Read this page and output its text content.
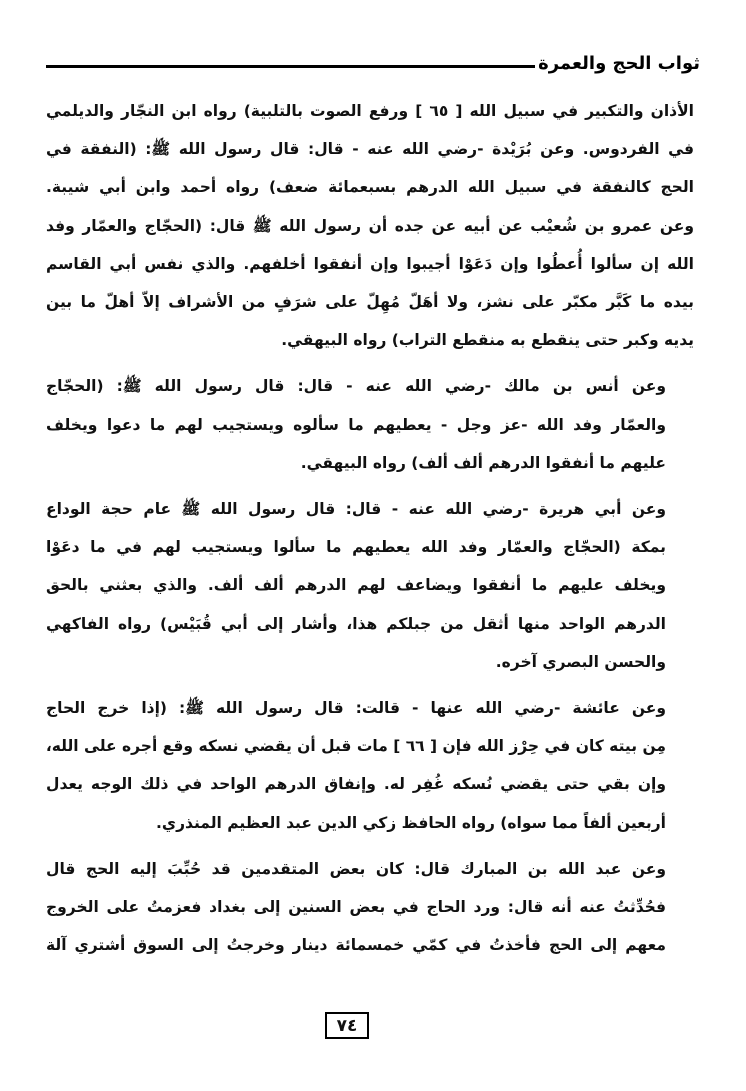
ثواب الحج والعمرة
الأذان والتكبير في سبيل الله [ ٦٥ ] ورفع الصوت بالتلبية) رواه ابن النجّار والديلمي
في الفردوس. وعن بُرَيْدة -رضي الله عنه - قال: قال رسول الله ﷺ: (النفقة في
الحج كالنفقة في سبيل الله الدرهم بسبعمائة ضعف) رواه أحمد وابن أبي شيبة.
وعن عمرو بن شُعيْب عن أبيه عن جده أن رسول الله ﷺ قال: (الحجّاج والعمّار وفد
الله إن سألوا أُعطُوا وإن دَعَوْا أجيبوا وإن أنفقوا أخلفهم. والذي نفس أبي القاسم
بيده ما كَبَّر مكبّر على نشز، ولا أهَلّ مُهِلّ على شرَفٍ من الأشراف إلاّ أهلّ ما بين
يديه وكبر حتى ينقطع به منقطع التراب) رواه البيهقي.
وعن أنس بن مالك -رضي الله عنه - قال: قال رسول الله ﷺ: (الحجّاج
والعمّار وفد الله -عز وجل - يعطيهم ما سألوه ويستجيب لهم ما دعوا ويخلف
عليهم ما أنفقوا الدرهم ألف ألف) رواه البيهقي.
وعن أبي هريرة -رضي الله عنه - قال: قال رسول الله ﷺ عام حجة الوداع
بمكة (الحجّاج والعمّار وفد الله يعطيهم ما سألوا ويستجيب لهم في ما دعَوْا
ويخلف عليهم ما أنفقوا ويضاعف لهم الدرهم ألف ألف. والذي بعثني بالحق
الدرهم الواحد منها أثقل من جبلكم هذا، وأشار إلى أبي قُبَيْس) رواه الفاكهي
والحسن البصري آخره.
وعن عائشة -رضي الله عنها - قالت: قال رسول الله ﷺ: (إذا خرج الحاج
مِن بيته كان في حِرْز الله فإن [ ٦٦ ] مات قبل أن يقضي نسكه وقع أجره على الله،
وإن بقي حتى يقضي نُسكه غُفِر له. وإنفاق الدرهم الواحد في ذلك الوجه يعدل
أربعين ألفاً مما سواه) رواه الحافظ زكي الدين عبد العظيم المنذري.
وعن عبد الله بن المبارك قال: كان بعض المتقدمين قد حُبِّبَ إليه الحج قال
فحُدِّثتُ عنه أنه قال: ورد الحاج في بعض السنين إلى بغداد فعزمتُ على الخروج
معهم إلى الحج فأخذتُ في كمّي خمسمائة دينار وخرجتُ إلى السوق أشتري آلة
٧٤
